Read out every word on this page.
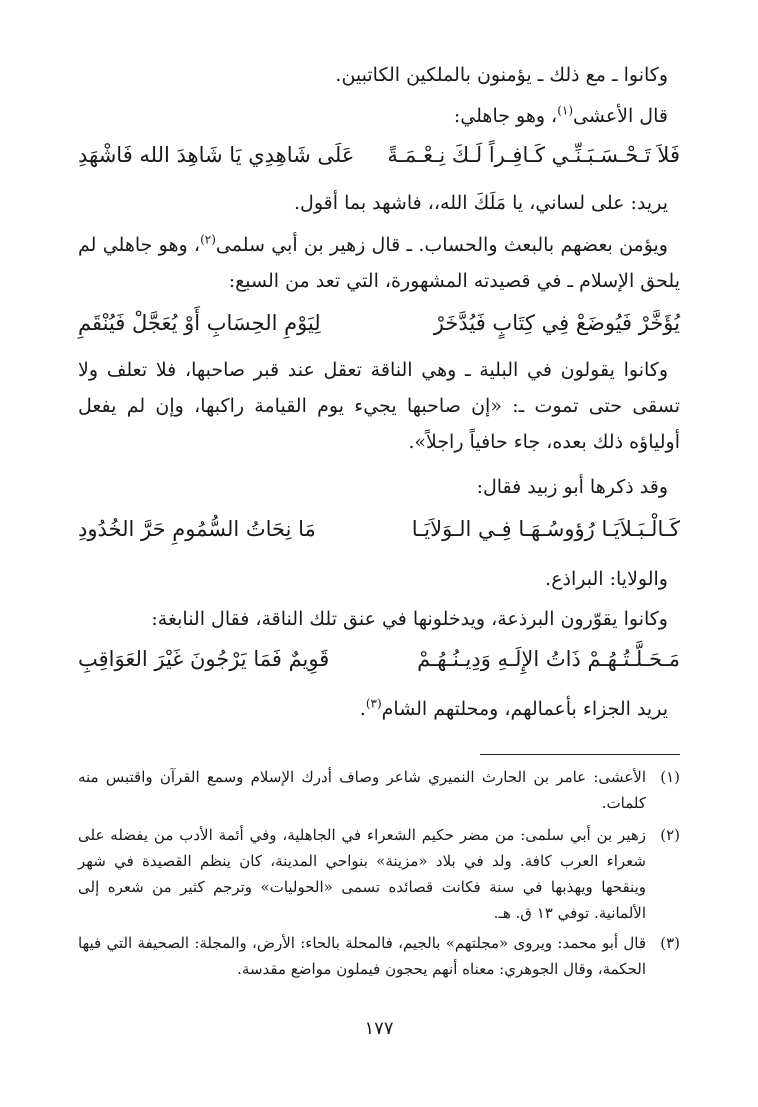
وكانوا ـ مع ذلك ـ يؤمنون بالملكين الكاتبين.
قال الأعشى$^{(١)}$، وهو جاهلي:
فَلاَ تَـحْـسَـبَـنِّـي كَـافِـراً لَـكَ نِـعْـمَـةً
عَلَى شَاهِدِي يَا شَاهِدَ الله فَاشْهَدِ
يريد: على لساني، يا مَلَكَ الله،، فاشهد بما أقول.
ويؤمن بعضهم بالبعث والحساب. ـ قال زهير بن أبي سلمى$^{(٢)}$، وهو جاهلي لم يلحق الإسلام ـ في قصيدته المشهورة، التي تعد من السبع:
يُؤَخَّرْ فَيُوضَعْ فِي كِتَابٍ فَيُدَّخَرْ
لِيَوْمِ الحِسَابِ أَوْ يُعَجَّلْ فَيُنْقَمِ
وكانوا يقولون في البلية ـ وهي الناقة تعقل عند قبر صاحبها، فلا تعلف ولا تسقى حتى تموت ـ: «إن صاحبها يجيء يوم القيامة راكبها، وإن لم يفعل أولياؤه ذلك بعده، جاء حافياً راجلاً».
وقد ذكرها أبو زبيد فقال:
كَـالْـبَـلاَيَـا رُؤوسُـهَـا فِـي الـوَلاَيَـا
مَا نِحَاتُ السُّمُومِ حَرَّ الخُدُودِ
والولايا: البراذع.
وكانوا يقوّرون البرذعة، ويدخلونها في عنق تلك الناقة، فقال النابغة:
مَـحَـلَّـتُـهُـمْ ذَاتُ الإِلَـهِ وَدِيـنُـهُـمْ
قَوِيمٌ فَمَا يَرْجُونَ غَيْرَ العَوَاقِبِ
يريد الجزاء بأعمالهم، ومحلتهم الشام$^{(٣)}$.
(١)
الأعشى: عامر بن الحارث النميري شاعر وصاف أدرك الإسلام وسمع القرآن واقتبس منه كلمات.
(٢)
زهير بن أبي سلمى: من مضر حكيم الشعراء في الجاهلية، وفي أئمة الأدب من يفضله على شعراء العرب كافة. ولد في بلاد «مزينة» بنواحي المدينة، كان ينظم القصيدة في شهر وينقحها ويهذبها في سنة فكانت قصائده تسمى «الحوليات» وترجم كثير من شعره إلى الألمانية. توفي ١٣ ق. هـ.
(٣)
قال أبو محمد: ويروى «مجلتهم» بالجيم، فالمحلة بالحاء: الأرض، والمجلة: الصحيفة التي فيها الحكمة، وقال الجوهري: معناه أنهم يحجون فيملون مواضع مقدسة.
١٧٧
